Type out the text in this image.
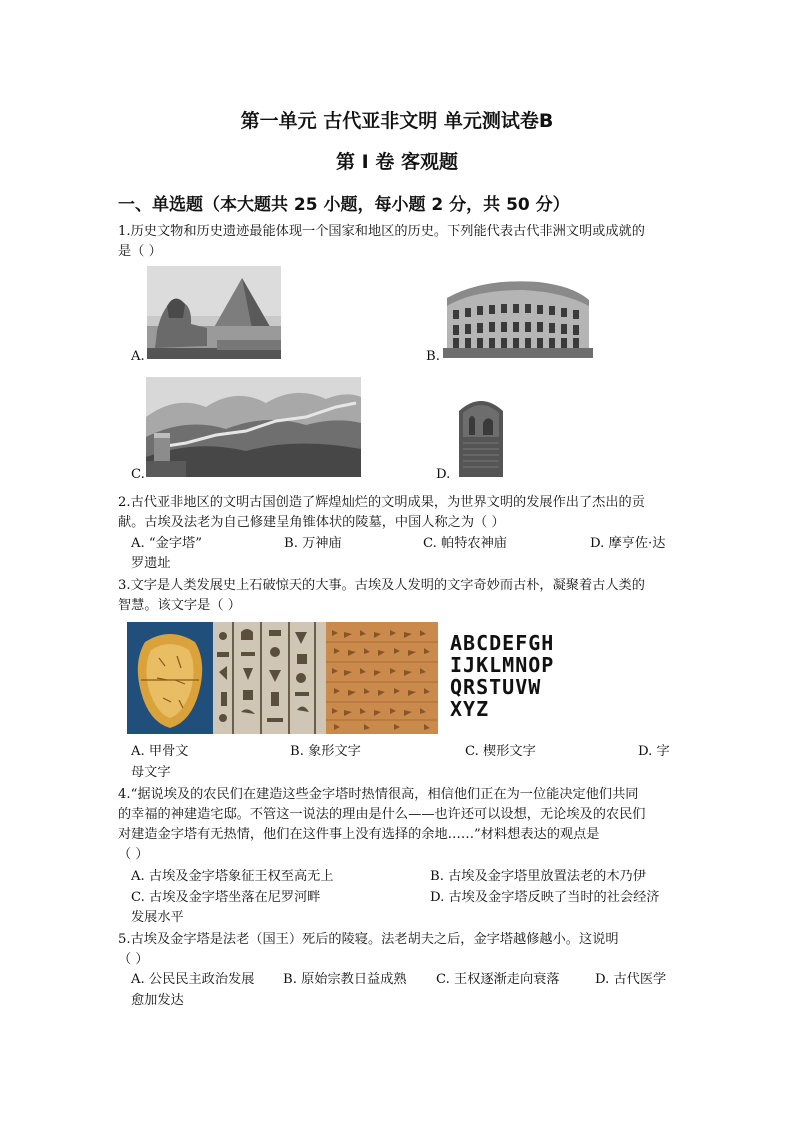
第一单元 古代亚非文明 单元测试卷B
第 Ⅰ 卷 客观题
一、单选题（本大题共 25 小题，每小题 2 分，共 50 分）
1.历史文物和历史遗迹最能体现一个国家和地区的历史。下列能代表古代非洲文明或成就的
是（ ）
A.	B.
C.	D.
2.古代亚非地区的文明古国创造了辉煌灿烂的文明成果，为世界文明的发展作出了杰出的贡
献。古埃及法老为自己修建呈角锥体状的陵墓，中国人称之为（ ）
A. “金字塔”	B. 万神庙	C. 帕特农神庙	D. 摩亨佐·达
罗遗址
3.文字是人类发展史上石破惊天的大事。古埃及人发明的文字奇妙而古朴，凝聚着古人类的
智慧。该文字是（ ）
ABCDEFGH
IJKLMNOP
QRSTUVW
XYZ
A. 甲骨文	B. 象形文字	C. 楔形文字	D. 字
母文字
4.“据说埃及的农民们在建造这些金字塔时热情很高，相信他们正在为一位能决定他们共同
的幸福的神建造宅邸。不管这一说法的理由是什么——也许还可以设想，无论埃及的农民们
对建造金字塔有无热情，他们在这件事上没有选择的余地……”材料想表达的观点是
（ ）
A. 古埃及金字塔象征王权至高无上	B. 古埃及金字塔里放置法老的木乃伊
C. 古埃及金字塔坐落在尼罗河畔	D. 古埃及金字塔反映了当时的社会经济
发展水平
5.古埃及金字塔是法老（国王）死后的陵寝。法老胡夫之后，金字塔越修越小。这说明
（ ）
A. 公民民主政治发展 B. 原始宗教日益成熟 C. 王权逐渐走向衰落	D. 古代医学
愈加发达
